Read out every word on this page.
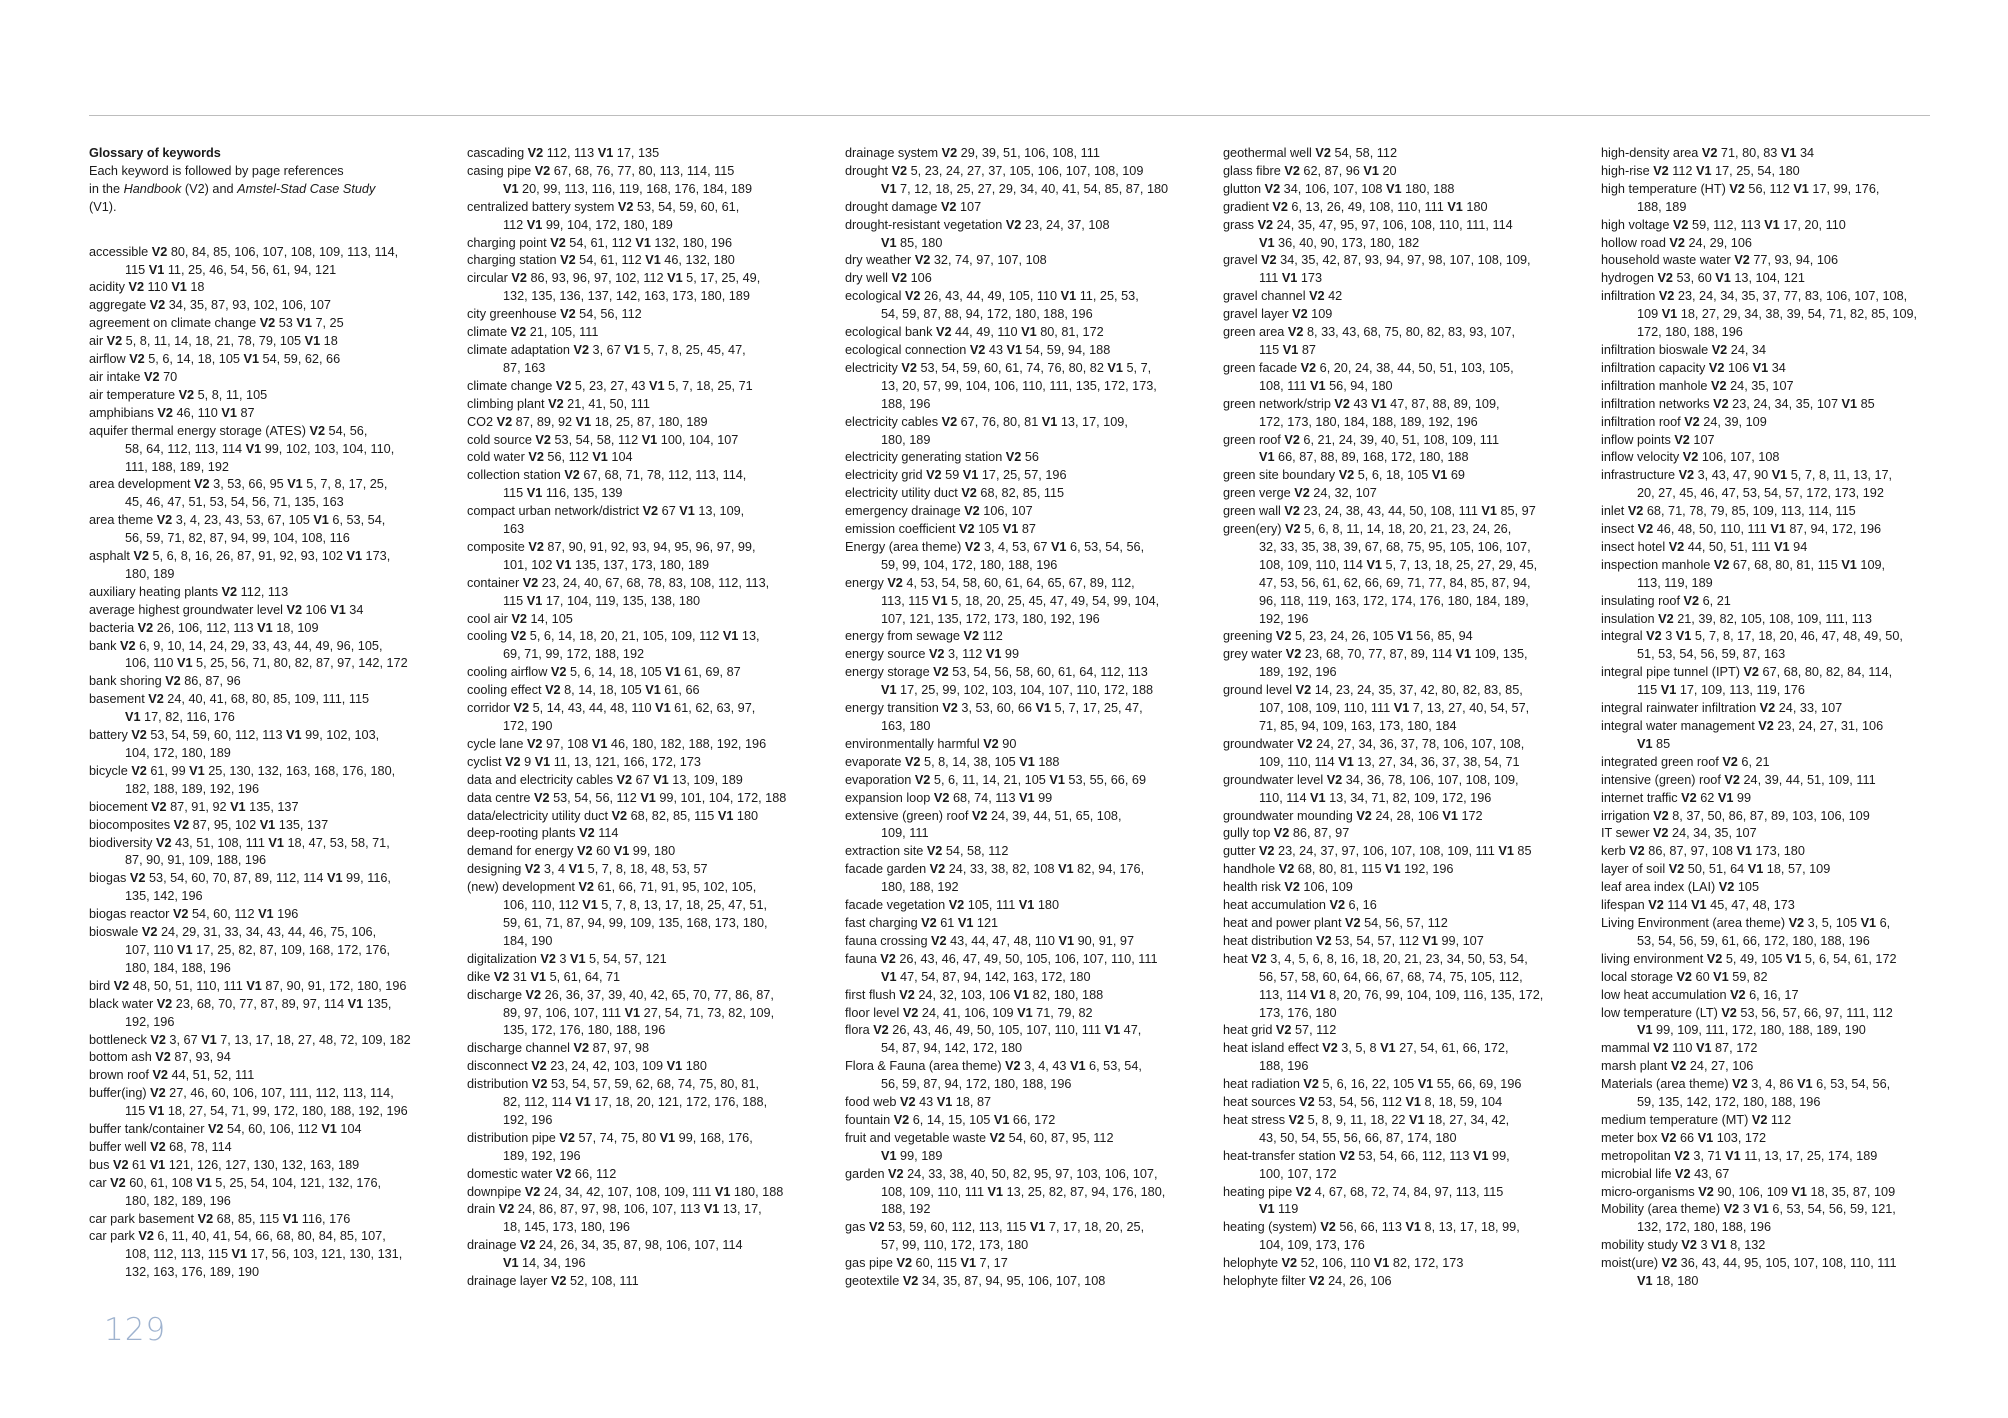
Glossary of keywords
Each keyword is followed by page references
in the Handbook (V2) and Amstel-Stad Case Study
(V1).
accessible V2 80, 84, 85, 106, 107, 108, 109, 113, 114,
115 V1 11, 25, 46, 54, 56, 61, 94, 121
acidity V2 110 V1 18
aggregate V2 34, 35, 87, 93, 102, 106, 107
agreement on climate change V2 53 V1 7, 25
air V2 5, 8, 11, 14, 18, 21, 78, 79, 105 V1 18
airflow V2 5, 6, 14, 18, 105 V1 54, 59, 62, 66
air intake V2 70
air temperature V2 5, 8, 11, 105
amphibians V2 46, 110 V1 87
aquifer thermal energy storage (ATES) V2 54, 56,
58, 64, 112, 113, 114 V1 99, 102, 103, 104, 110,
111, 188, 189, 192
area development V2 3, 53, 66, 95 V1 5, 7, 8, 17, 25,
45, 46, 47, 51, 53, 54, 56, 71, 135, 163
area theme V2 3, 4, 23, 43, 53, 67, 105 V1 6, 53, 54,
56, 59, 71, 82, 87, 94, 99, 104, 108, 116
asphalt V2 5, 6, 8, 16, 26, 87, 91, 92, 93, 102 V1 173,
180, 189
auxiliary heating plants V2 112, 113
average highest groundwater level V2 106 V1 34
bacteria V2 26, 106, 112, 113 V1 18, 109
bank V2 6, 9, 10, 14, 24, 29, 33, 43, 44, 49, 96, 105,
106, 110 V1 5, 25, 56, 71, 80, 82, 87, 97, 142, 172
bank shoring V2 86, 87, 96
basement V2 24, 40, 41, 68, 80, 85, 109, 111, 115
V1 17, 82, 116, 176
battery V2 53, 54, 59, 60, 112, 113 V1 99, 102, 103,
104, 172, 180, 189
bicycle V2 61, 99 V1 25, 130, 132, 163, 168, 176, 180,
182, 188, 189, 192, 196
biocement V2 87, 91, 92 V1 135, 137
biocomposites V2 87, 95, 102 V1 135, 137
biodiversity V2 43, 51, 108, 111 V1 18, 47, 53, 58, 71,
87, 90, 91, 109, 188, 196
biogas V2 53, 54, 60, 70, 87, 89, 112, 114 V1 99, 116,
135, 142, 196
biogas reactor V2 54, 60, 112 V1 196
bioswale V2 24, 29, 31, 33, 34, 43, 44, 46, 75, 106,
107, 110 V1 17, 25, 82, 87, 109, 168, 172, 176,
180, 184, 188, 196
bird V2 48, 50, 51, 110, 111 V1 87, 90, 91, 172, 180, 196
black water V2 23, 68, 70, 77, 87, 89, 97, 114 V1 135,
192, 196
bottleneck V2 3, 67 V1 7, 13, 17, 18, 27, 48, 72, 109, 182
bottom ash V2 87, 93, 94
brown roof V2 44, 51, 52, 111
buffer(ing) V2 27, 46, 60, 106, 107, 111, 112, 113, 114,
115 V1 18, 27, 54, 71, 99, 172, 180, 188, 192, 196
buffer tank/container V2 54, 60, 106, 112 V1 104
buffer well V2 68, 78, 114
bus V2 61 V1 121, 126, 127, 130, 132, 163, 189
car V2 60, 61, 108 V1 5, 25, 54, 104, 121, 132, 176,
180, 182, 189, 196
car park basement V2 68, 85, 115 V1 116, 176
car park V2 6, 11, 40, 41, 54, 66, 68, 80, 84, 85, 107,
108, 112, 113, 115 V1 17, 56, 103, 121, 130, 131,
132, 163, 176, 189, 190
cascading V2 112, 113 V1 17, 135
casing pipe V2 67, 68, 76, 77, 80, 113, 114, 115
V1 20, 99, 113, 116, 119, 168, 176, 184, 189
centralized battery system V2 53, 54, 59, 60, 61,
112 V1 99, 104, 172, 180, 189
charging point V2 54, 61, 112 V1 132, 180, 196
charging station V2 54, 61, 112 V1 46, 132, 180
circular V2 86, 93, 96, 97, 102, 112 V1 5, 17, 25, 49,
132, 135, 136, 137, 142, 163, 173, 180, 189
city greenhouse V2 54, 56, 112
climate V2 21, 105, 111
climate adaptation V2 3, 67 V1 5, 7, 8, 25, 45, 47,
87, 163
climate change V2 5, 23, 27, 43 V1 5, 7, 18, 25, 71
climbing plant V2 21, 41, 50, 111
CO2 V2 87, 89, 92 V1 18, 25, 87, 180, 189
cold source V2 53, 54, 58, 112 V1 100, 104, 107
cold water V2 56, 112 V1 104
collection station V2 67, 68, 71, 78, 112, 113, 114,
115 V1 116, 135, 139
compact urban network/district V2 67 V1 13, 109,
163
composite V2 87, 90, 91, 92, 93, 94, 95, 96, 97, 99,
101, 102 V1 135, 137, 173, 180, 189
container V2 23, 24, 40, 67, 68, 78, 83, 108, 112, 113,
115 V1 17, 104, 119, 135, 138, 180
cool air V2 14, 105
cooling V2 5, 6, 14, 18, 20, 21, 105, 109, 112 V1 13,
69, 71, 99, 172, 188, 192
cooling airflow V2 5, 6, 14, 18, 105 V1 61, 69, 87
cooling effect V2 8, 14, 18, 105 V1 61, 66
corridor V2 5, 14, 43, 44, 48, 110 V1 61, 62, 63, 97,
172, 190
cycle lane V2 97, 108 V1 46, 180, 182, 188, 192, 196
cyclist V2 9 V1 11, 13, 121, 166, 172, 173
data and electricity cables V2 67 V1 13, 109, 189
data centre V2 53, 54, 56, 112 V1 99, 101, 104, 172, 188
data/electricity utility duct V2 68, 82, 85, 115 V1 180
deep-rooting plants V2 114
demand for energy V2 60 V1 99, 180
designing V2 3, 4 V1 5, 7, 8, 18, 48, 53, 57
(new) development V2 61, 66, 71, 91, 95, 102, 105,
106, 110, 112 V1 5, 7, 8, 13, 17, 18, 25, 47, 51,
59, 61, 71, 87, 94, 99, 109, 135, 168, 173, 180,
184, 190
digitalization V2 3 V1 5, 54, 57, 121
dike V2 31 V1 5, 61, 64, 71
discharge V2 26, 36, 37, 39, 40, 42, 65, 70, 77, 86, 87,
89, 97, 106, 107, 111 V1 27, 54, 71, 73, 82, 109,
135, 172, 176, 180, 188, 196
discharge channel V2 87, 97, 98
disconnect V2 23, 24, 42, 103, 109 V1 180
distribution V2 53, 54, 57, 59, 62, 68, 74, 75, 80, 81,
82, 112, 114 V1 17, 18, 20, 121, 172, 176, 188,
192, 196
distribution pipe V2 57, 74, 75, 80 V1 99, 168, 176,
189, 192, 196
domestic water V2 66, 112
downpipe V2 24, 34, 42, 107, 108, 109, 111 V1 180, 188
drain V2 24, 86, 87, 97, 98, 106, 107, 113 V1 13, 17,
18, 145, 173, 180, 196
drainage V2 24, 26, 34, 35, 87, 98, 106, 107, 114
V1 14, 34, 196
drainage layer V2 52, 108, 111
drainage system V2 29, 39, 51, 106, 108, 111
drought V2 5, 23, 24, 27, 37, 105, 106, 107, 108, 109
V1 7, 12, 18, 25, 27, 29, 34, 40, 41, 54, 85, 87, 180
drought damage V2 107
drought-resistant vegetation V2 23, 24, 37, 108
V1 85, 180
dry weather V2 32, 74, 97, 107, 108
dry well V2 106
ecological V2 26, 43, 44, 49, 105, 110 V1 11, 25, 53,
54, 59, 87, 88, 94, 172, 180, 188, 196
ecological bank V2 44, 49, 110 V1 80, 81, 172
ecological connection V2 43 V1 54, 59, 94, 188
electricity V2 53, 54, 59, 60, 61, 74, 76, 80, 82 V1 5, 7,
13, 20, 57, 99, 104, 106, 110, 111, 135, 172, 173,
188, 196
electricity cables V2 67, 76, 80, 81 V1 13, 17, 109,
180, 189
electricity generating station V2 56
electricity grid V2 59 V1 17, 25, 57, 196
electricity utility duct V2 68, 82, 85, 115
emergency drainage V2 106, 107
emission coefficient V2 105 V1 87
Energy (area theme) V2 3, 4, 53, 67 V1 6, 53, 54, 56,
59, 99, 104, 172, 180, 188, 196
energy V2 4, 53, 54, 58, 60, 61, 64, 65, 67, 89, 112,
113, 115 V1 5, 18, 20, 25, 45, 47, 49, 54, 99, 104,
107, 121, 135, 172, 173, 180, 192, 196
energy from sewage V2 112
energy source V2 3, 112 V1 99
energy storage V2 53, 54, 56, 58, 60, 61, 64, 112, 113
V1 17, 25, 99, 102, 103, 104, 107, 110, 172, 188
energy transition V2 3, 53, 60, 66 V1 5, 7, 17, 25, 47,
163, 180
environmentally harmful V2 90
evaporate V2 5, 8, 14, 38, 105 V1 188
evaporation V2 5, 6, 11, 14, 21, 105 V1 53, 55, 66, 69
expansion loop V2 68, 74, 113 V1 99
extensive (green) roof V2 24, 39, 44, 51, 65, 108,
109, 111
extraction site V2 54, 58, 112
facade garden V2 24, 33, 38, 82, 108 V1 82, 94, 176,
180, 188, 192
facade vegetation V2 105, 111 V1 180
fast charging V2 61 V1 121
fauna crossing V2 43, 44, 47, 48, 110 V1 90, 91, 97
fauna V2 26, 43, 46, 47, 49, 50, 105, 106, 107, 110, 111
V1 47, 54, 87, 94, 142, 163, 172, 180
first flush V2 24, 32, 103, 106 V1 82, 180, 188
floor level V2 24, 41, 106, 109 V1 71, 79, 82
flora V2 26, 43, 46, 49, 50, 105, 107, 110, 111 V1 47,
54, 87, 94, 142, 172, 180
Flora & Fauna (area theme) V2 3, 4, 43 V1 6, 53, 54,
56, 59, 87, 94, 172, 180, 188, 196
food web V2 43 V1 18, 87
fountain V2 6, 14, 15, 105 V1 66, 172
fruit and vegetable waste V2 54, 60, 87, 95, 112
V1 99, 189
garden V2 24, 33, 38, 40, 50, 82, 95, 97, 103, 106, 107,
108, 109, 110, 111 V1 13, 25, 82, 87, 94, 176, 180,
188, 192
gas V2 53, 59, 60, 112, 113, 115 V1 7, 17, 18, 20, 25,
57, 99, 110, 172, 173, 180
gas pipe V2 60, 115 V1 7, 17
geotextile V2 34, 35, 87, 94, 95, 106, 107, 108
geothermal well V2 54, 58, 112
glass fibre V2 62, 87, 96 V1 20
glutton V2 34, 106, 107, 108 V1 180, 188
gradient V2 6, 13, 26, 49, 108, 110, 111 V1 180
grass V2 24, 35, 47, 95, 97, 106, 108, 110, 111, 114
V1 36, 40, 90, 173, 180, 182
gravel V2 34, 35, 42, 87, 93, 94, 97, 98, 107, 108, 109,
111 V1 173
gravel channel V2 42
gravel layer V2 109
green area V2 8, 33, 43, 68, 75, 80, 82, 83, 93, 107,
115 V1 87
green facade V2 6, 20, 24, 38, 44, 50, 51, 103, 105,
108, 111 V1 56, 94, 180
green network/strip V2 43 V1 47, 87, 88, 89, 109,
172, 173, 180, 184, 188, 189, 192, 196
green roof V2 6, 21, 24, 39, 40, 51, 108, 109, 111
V1 66, 87, 88, 89, 168, 172, 180, 188
green site boundary V2 5, 6, 18, 105 V1 69
green verge V2 24, 32, 107
green wall V2 23, 24, 38, 43, 44, 50, 108, 111 V1 85, 97
green(ery) V2 5, 6, 8, 11, 14, 18, 20, 21, 23, 24, 26,
32, 33, 35, 38, 39, 67, 68, 75, 95, 105, 106, 107,
108, 109, 110, 114 V1 5, 7, 13, 18, 25, 27, 29, 45,
47, 53, 56, 61, 62, 66, 69, 71, 77, 84, 85, 87, 94,
96, 118, 119, 163, 172, 174, 176, 180, 184, 189,
192, 196
greening V2 5, 23, 24, 26, 105 V1 56, 85, 94
grey water V2 23, 68, 70, 77, 87, 89, 114 V1 109, 135,
189, 192, 196
ground level V2 14, 23, 24, 35, 37, 42, 80, 82, 83, 85,
107, 108, 109, 110, 111 V1 7, 13, 27, 40, 54, 57,
71, 85, 94, 109, 163, 173, 180, 184
groundwater V2 24, 27, 34, 36, 37, 78, 106, 107, 108,
109, 110, 114 V1 13, 27, 34, 36, 37, 38, 54, 71
groundwater level V2 34, 36, 78, 106, 107, 108, 109,
110, 114 V1 13, 34, 71, 82, 109, 172, 196
groundwater mounding V2 24, 28, 106 V1 172
gully top V2 86, 87, 97
gutter V2 23, 24, 37, 97, 106, 107, 108, 109, 111 V1 85
handhole V2 68, 80, 81, 115 V1 192, 196
health risk V2 106, 109
heat accumulation V2 6, 16
heat and power plant V2 54, 56, 57, 112
heat distribution V2 53, 54, 57, 112 V1 99, 107
heat V2 3, 4, 5, 6, 8, 16, 18, 20, 21, 23, 34, 50, 53, 54,
56, 57, 58, 60, 64, 66, 67, 68, 74, 75, 105, 112,
113, 114 V1 8, 20, 76, 99, 104, 109, 116, 135, 172,
173, 176, 180
heat grid V2 57, 112
heat island effect V2 3, 5, 8 V1 27, 54, 61, 66, 172,
188, 196
heat radiation V2 5, 6, 16, 22, 105 V1 55, 66, 69, 196
heat sources V2 53, 54, 56, 112 V1 8, 18, 59, 104
heat stress V2 5, 8, 9, 11, 18, 22 V1 18, 27, 34, 42,
43, 50, 54, 55, 56, 66, 87, 174, 180
heat-transfer station V2 53, 54, 66, 112, 113 V1 99,
100, 107, 172
heating pipe V2 4, 67, 68, 72, 74, 84, 97, 113, 115
V1 119
heating (system) V2 56, 66, 113 V1 8, 13, 17, 18, 99,
104, 109, 173, 176
helophyte V2 52, 106, 110 V1 82, 172, 173
helophyte filter V2 24, 26, 106
high-density area V2 71, 80, 83 V1 34
high-rise V2 112 V1 17, 25, 54, 180
high temperature (HT) V2 56, 112 V1 17, 99, 176,
188, 189
high voltage V2 59, 112, 113 V1 17, 20, 110
hollow road V2 24, 29, 106
household waste water V2 77, 93, 94, 106
hydrogen V2 53, 60 V1 13, 104, 121
infiltration V2 23, 24, 34, 35, 37, 77, 83, 106, 107, 108,
109 V1 18, 27, 29, 34, 38, 39, 54, 71, 82, 85, 109,
172, 180, 188, 196
infiltration bioswale V2 24, 34
infiltration capacity V2 106 V1 34
infiltration manhole V2 24, 35, 107
infiltration networks V2 23, 24, 34, 35, 107 V1 85
infiltration roof V2 24, 39, 109
inflow points V2 107
inflow velocity V2 106, 107, 108
infrastructure V2 3, 43, 47, 90 V1 5, 7, 8, 11, 13, 17,
20, 27, 45, 46, 47, 53, 54, 57, 172, 173, 192
inlet V2 68, 71, 78, 79, 85, 109, 113, 114, 115
insect V2 46, 48, 50, 110, 111 V1 87, 94, 172, 196
insect hotel V2 44, 50, 51, 111 V1 94
inspection manhole V2 67, 68, 80, 81, 115 V1 109,
113, 119, 189
insulating roof V2 6, 21
insulation V2 21, 39, 82, 105, 108, 109, 111, 113
integral V2 3 V1 5, 7, 8, 17, 18, 20, 46, 47, 48, 49, 50,
51, 53, 54, 56, 59, 87, 163
integral pipe tunnel (IPT) V2 67, 68, 80, 82, 84, 114,
115 V1 17, 109, 113, 119, 176
integral rainwater infiltration V2 24, 33, 107
integral water management V2 23, 24, 27, 31, 106
V1 85
integrated green roof V2 6, 21
intensive (green) roof V2 24, 39, 44, 51, 109, 111
internet traffic V2 62 V1 99
irrigation V2 8, 37, 50, 86, 87, 89, 103, 106, 109
IT sewer V2 24, 34, 35, 107
kerb V2 86, 87, 97, 108 V1 173, 180
layer of soil V2 50, 51, 64 V1 18, 57, 109
leaf area index (LAI) V2 105
lifespan V2 114 V1 45, 47, 48, 173
Living Environment (area theme) V2 3, 5, 105 V1 6,
53, 54, 56, 59, 61, 66, 172, 180, 188, 196
living environment V2 5, 49, 105 V1 5, 6, 54, 61, 172
local storage V2 60 V1 59, 82
low heat accumulation V2 6, 16, 17
low temperature (LT) V2 53, 56, 57, 66, 97, 111, 112
V1 99, 109, 111, 172, 180, 188, 189, 190
mammal V2 110 V1 87, 172
marsh plant V2 24, 27, 106
Materials (area theme) V2 3, 4, 86 V1 6, 53, 54, 56,
59, 135, 142, 172, 180, 188, 196
medium temperature (MT) V2 112
meter box V2 66 V1 103, 172
metropolitan V2 3, 71 V1 11, 13, 17, 25, 174, 189
microbial life V2 43, 67
micro-organisms V2 90, 106, 109 V1 18, 35, 87, 109
Mobility (area theme) V2 3 V1 6, 53, 54, 56, 59, 121,
132, 172, 180, 188, 196
mobility study V2 3 V1 8, 132
moist(ure) V2 36, 43, 44, 95, 105, 107, 108, 110, 111
V1 18, 180
129
